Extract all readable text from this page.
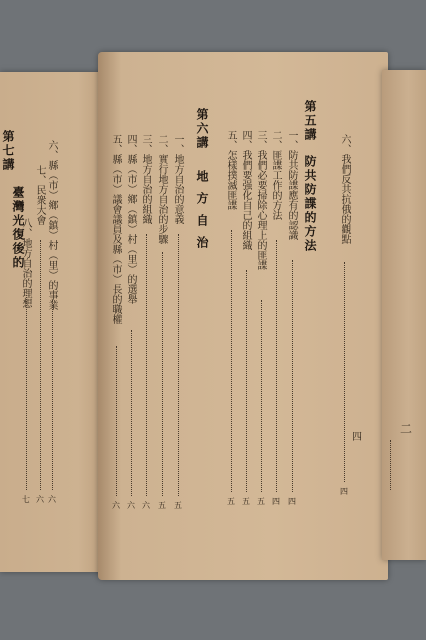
第七講
臺灣光復後的 六、縣（市）鄉（鎮）村（里）的事業
七、民衆大會
八、地方自治的理想
六
六
七
六、我們反共抗俄的觀點
四
第五講
防共防諜的方法
一、防共防諜應有的認識
二、匪諜工作的方法
三、我們必要掃除心理上的匪諜
四、我們要强化自己的組織
五、怎樣撲滅匪諜
四
四
五
五
五
第六講
地方自治
一、地方自治的意義
二、實行地方自治的步驟
三、地方自治的組織
四、縣（市）鄉（鎮）村（里）的選舉
五、縣（市）議會議員及縣（市）長的職權
五
五
六
六
六
四
二
